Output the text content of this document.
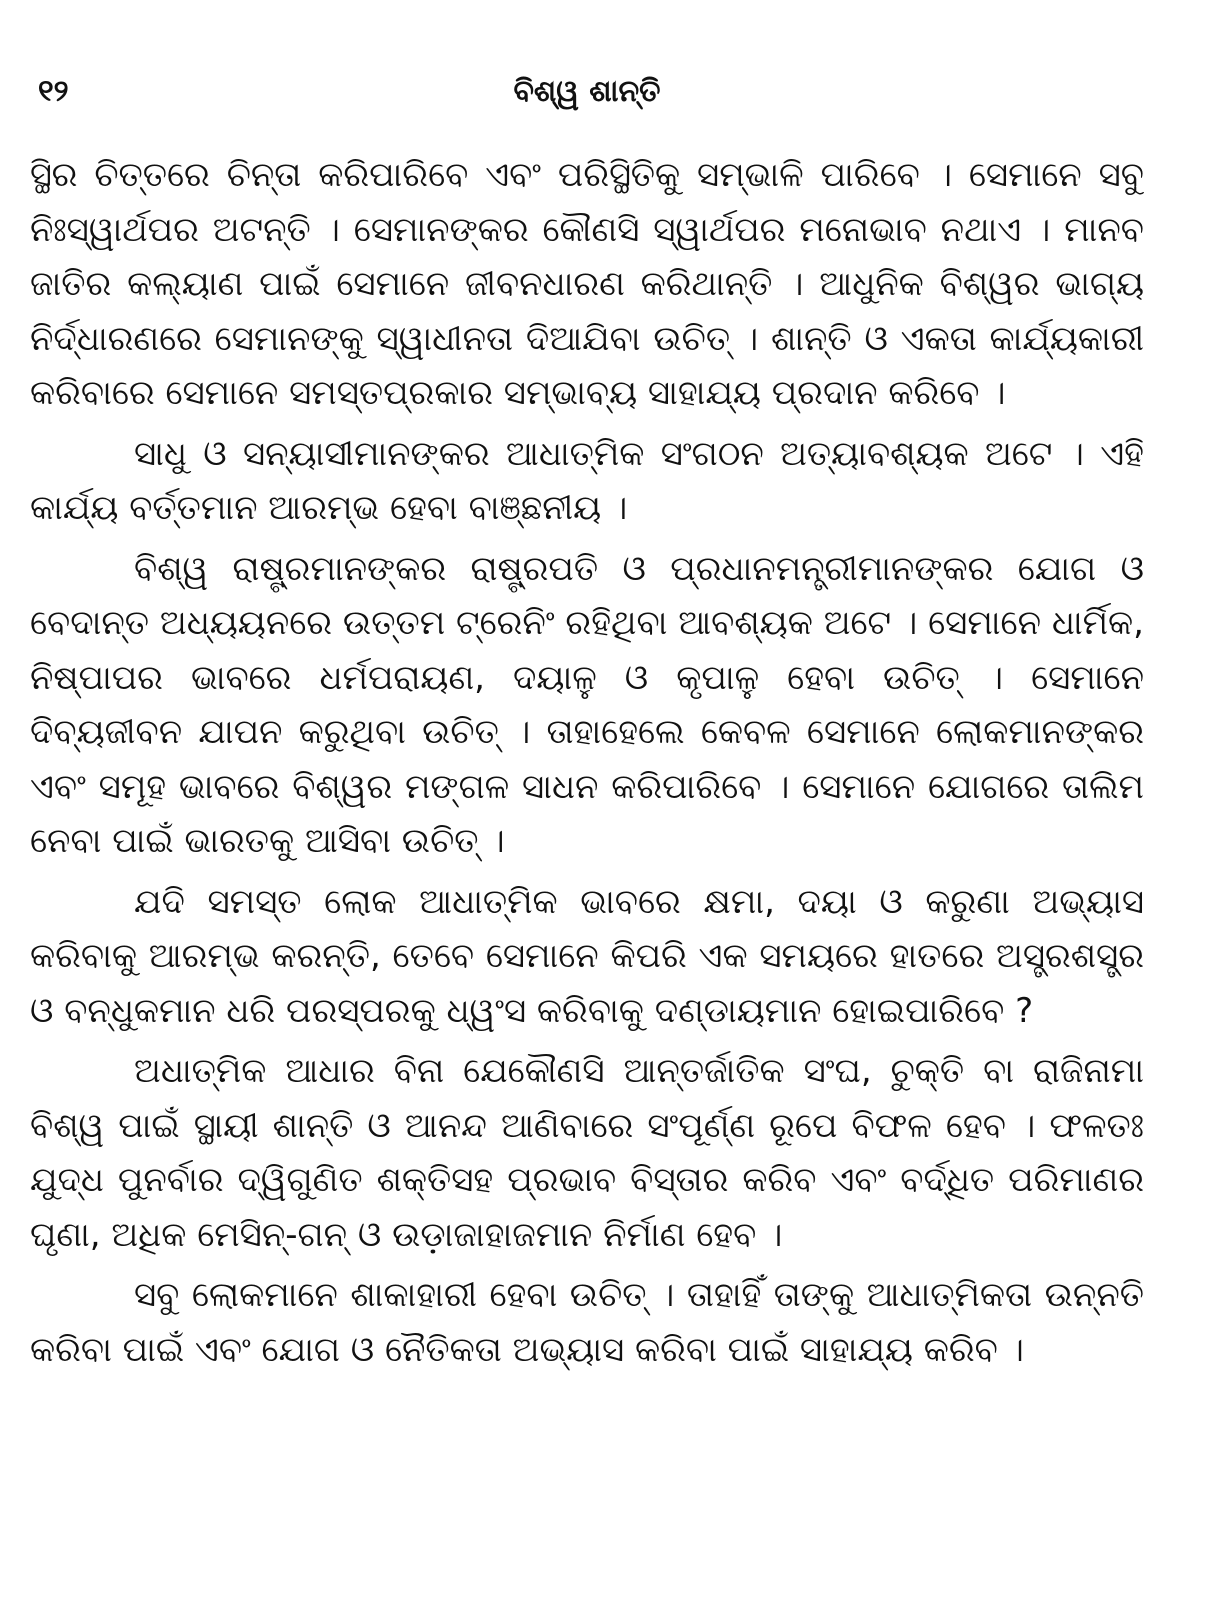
୧୨	ବିଶ୍ୱ ଶାନ୍ତି

ସ୍ଥିର ଚିତ୍ତରେ ଚିନ୍ତା କରିପାରିବେ ଏବଂ ପରିସ୍ଥିତିକୁ ସମ୍ଭାଳି ପାରିବେ । ସେମାନେ ସବୁ ନିଃସ୍ୱାର୍ଥପର ଅଟନ୍ତି । ସେମାନଙ୍କର କୌଣସି ସ୍ୱାର୍ଥପର ମନୋଭାବ ନଥାଏ । ମାନବ ଜାତିର କଲ୍ୟାଣ ପାଇଁ ସେମାନେ ଜୀବନଧାରଣ କରିଥାନ୍ତି । ଆଧୁନିକ ବିଶ୍ୱର ଭାଗ୍ୟ ନିର୍ଦ୍ଧାରଣରେ ସେମାନଙ୍କୁ ସ୍ୱାଧୀନତା ଦିଆଯିବା ଉଚିତ୍ । ଶାନ୍ତି ଓ ଏକତା କାର୍ଯ୍ୟକାରୀ କରିବାରେ ସେମାନେ ସମସ୍ତପ୍ରକାର ସମ୍ଭାବ୍ୟ ସାହାଯ୍ୟ ପ୍ରଦାନ କରିବେ ।

ସାଧୁ ଓ ସନ୍ୟାସୀମାନଙ୍କର ଆଧାତ୍ମିକ ସଂଗଠନ ଅତ୍ୟାବଶ୍ୟକ ଅଟେ । ଏହି କାର୍ଯ୍ୟ ବର୍ତ୍ତମାନ ଆରମ୍ଭ ହେବା ବାଞ୍ଛନୀୟ ।

ବିଶ୍ୱ ରାଷ୍ଟ୍ରମାନଙ୍କର ରାଷ୍ଟ୍ରପତି ଓ ପ୍ରଧାନମନ୍ତ୍ରୀମାନଙ୍କର ଯୋଗ ଓ ବେଦାନ୍ତ ଅଧ୍ୟୟନରେ ଉତ୍ତମ ଟ୍ରେନିଂ ରହିଥିବା ଆବଶ୍ୟକ ଅଟେ । ସେମାନେ ଧାର୍ମିକ, ନିଷ୍ପାପର ଭାବରେ ଧର୍ମପରାୟଣ, ଦୟାଳୁ ଓ କୃପାଳୁ ହେବା ଉଚିତ୍ । ସେମାନେ ଦିବ୍ୟଜୀବନ ଯାପନ କରୁଥିବା ଉଚିତ୍ । ତାହାହେଲେ କେବଳ ସେମାନେ ଲୋକମାନଙ୍କର ଏବଂ ସମୂହ ଭାବରେ ବିଶ୍ୱର ମଙ୍ଗଳ ସାଧନ କରିପାରିବେ । ସେମାନେ ଯୋଗରେ ତାଲିମ ନେବା ପାଇଁ ଭାରତକୁ ଆସିବା ଉଚିତ୍ ।

ଯଦି ସମସ୍ତ ଲୋକ ଆଧାତ୍ମିକ ଭାବରେ କ୍ଷମା, ଦୟା ଓ କରୁଣା ଅଭ୍ୟାସ କରିବାକୁ ଆରମ୍ଭ କରନ୍ତି, ତେବେ ସେମାନେ କିପରି ଏକ ସମୟରେ ହାତରେ ଅସ୍ତ୍ରଶସ୍ତ୍ର ଓ ବନ୍ଧୁକମାନ ଧରି ପରସ୍ପରକୁ ଧ୍ୱଂସ କରିବାକୁ ଦଣ୍ଡାୟମାନ ହୋଇପାରିବେ ?

ଅଧାତ୍ମିକ ଆଧାର ବିନା ଯେକୌଣସି ଆନ୍ତର୍ଜାତିକ ସଂଘ, ଚୁକ୍ତି ବା ରାଜିନାମା ବିଶ୍ୱ ପାଇଁ ସ୍ଥାୟୀ ଶାନ୍ତି ଓ ଆନନ୍ଦ ଆଣିବାରେ ସଂପୂର୍ଣ୍ଣ ରୂପେ ବିଫଳ ହେବ । ଫଳତଃ ଯୁଦ୍ଧ ପୁନର୍ବାର ଦ୍ୱିଗୁଣିତ ଶକ୍ତିସହ ପ୍ରଭାବ ବିସ୍ତାର କରିବ ଏବଂ ବର୍ଦ୍ଧିତ ପରିମାଣର ଘୃଣା, ଅଧିକ ମେସିନ୍-ଗନ୍ ଓ ଉଡ଼ାଜାହାଜମାନ ନିର୍ମାଣ ହେବ ।

ସବୁ ଲୋକମାନେ ଶାକାହାରୀ ହେବା ଉଚିତ୍ । ତାହାହିଁ ତାଙ୍କୁ ଆଧାତ୍ମିକତା ଉନ୍ନତି କରିବା ପାଇଁ ଏବଂ ଯୋଗ ଓ ନୈତିକତା ଅଭ୍ୟାସ କରିବା ପାଇଁ ସାହାଯ୍ୟ କରିବ ।
